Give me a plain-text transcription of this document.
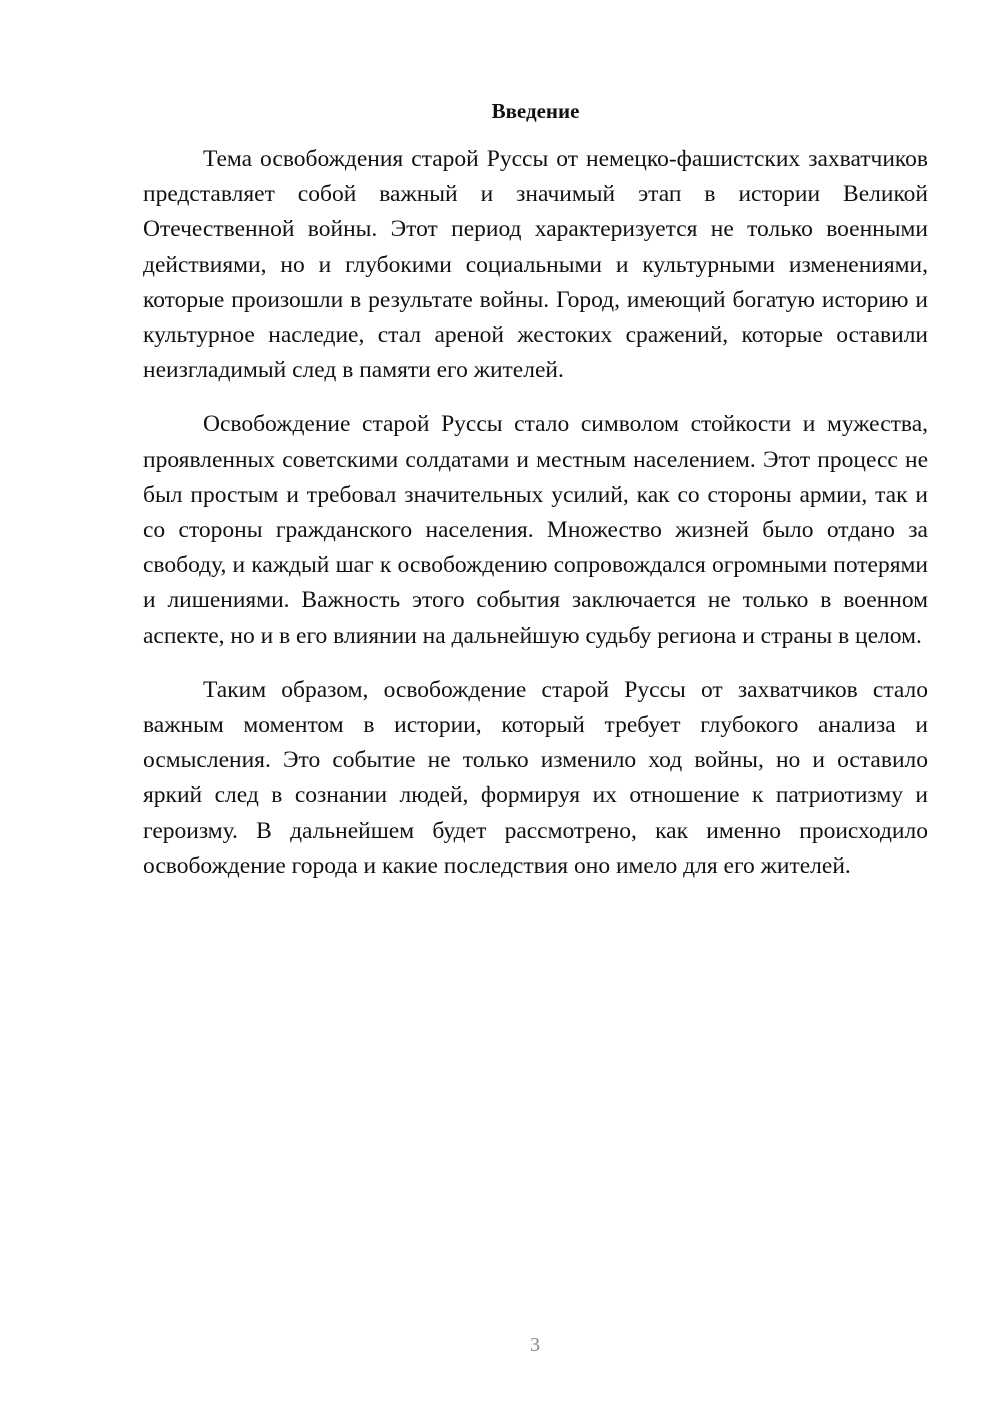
Введение

Тема освобождения старой Руссы от немецко-фашистских захватчиков представляет собой важный и значимый этап в истории Великой Отечественной войны. Этот период характеризуется не только военными действиями, но и глубокими социальными и культурными изменениями, которые произошли в результате войны. Город, имеющий богатую историю и культурное наследие, стал ареной жестоких сражений, которые оставили неизгладимый след в памяти его жителей.

Освобождение старой Руссы стало символом стойкости и мужества, проявленных советскими солдатами и местным населением. Этот процесс не был простым и требовал значительных усилий, как со стороны армии, так и со стороны гражданского населения. Множество жизней было отдано за свободу, и каждый шаг к освобождению сопровождался огромными потерями и лишениями. Важность этого события заключается не только в военном аспекте, но и в его влиянии на дальнейшую судьбу региона и страны в целом.

Таким образом, освобождение старой Руссы от захватчиков стало важным моментом в истории, который требует глубокого анализа и осмысления. Это событие не только изменило ход войны, но и оставило яркий след в сознании людей, формируя их отношение к патриотизму и героизму. В дальнейшем будет рассмотрено, как именно происходило освобождение города и какие последствия оно имело для его жителей.

3
